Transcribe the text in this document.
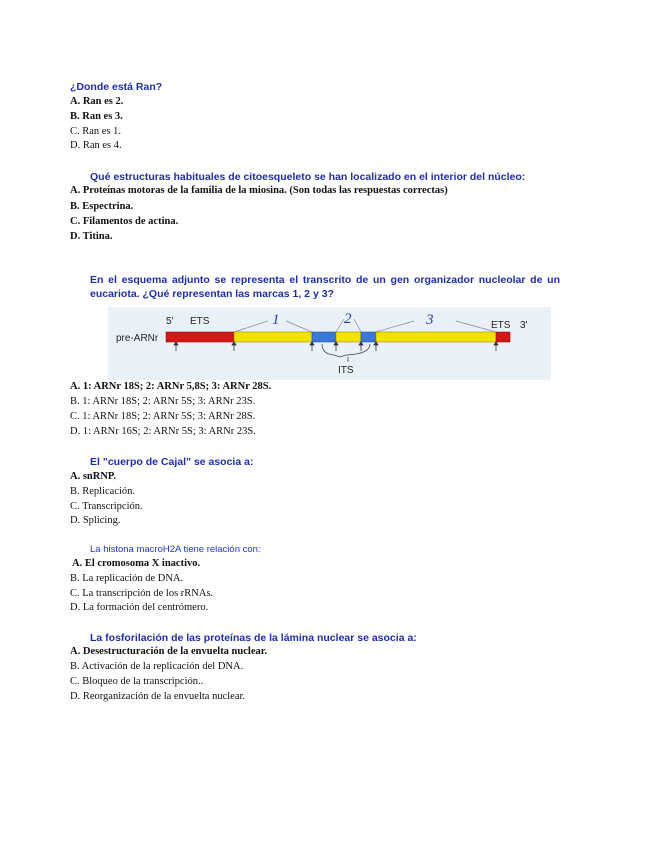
¿Donde está Ran?
A. Ran es 2.
B. Ran es 3.
C. Ran es 1.
D. Ran es 4.
Qué estructuras habituales de citoesqueleto se han localizado en el interior del núcleo:
A. Proteínas motoras de la familia de la miosina. (Son todas las respuestas correctas)
B. Espectrina.
C. Filamentos de actina.
D. Titina.
En el esquema adjunto se representa el transcrito de un gen organizador nucleolar de un eucariota. ¿Qué representan las marcas 1, 2 y 3?
pre-ARNr
5'	3'
ETS	ETS
1	2	3
ITS
A. 1: ARNr 18S; 2: ARNr 5,8S; 3: ARNr 28S.
B. 1: ARNr 18S; 2: ARNr 5S; 3: ARNr 23S.
C. 1: ARNr 18S; 2: ARNr 5S; 3: ARNr 28S.
D. 1: ARNr 16S; 2: ARNr 5S; 3: ARNr 23S.
El "cuerpo de Cajal" se asocia a:
A. snRNP.
B. Replicación.
C. Transcripción.
D. Splicing.
La histona macroH2A tiene relación con:
A. El cromosoma X inactivo.
B. La replicación de DNA.
C. La transcripción de los rRNAs.
D. La formación del centrómero.
La fosforilación de las proteínas de la lámina nuclear se asocia a:
A. Desestructuración de la envuelta nuclear.
B. Activación de la replicación del DNA.
C. Bloqueo de la transcripción..
D. Reorganización de la envuelta nuclear.
